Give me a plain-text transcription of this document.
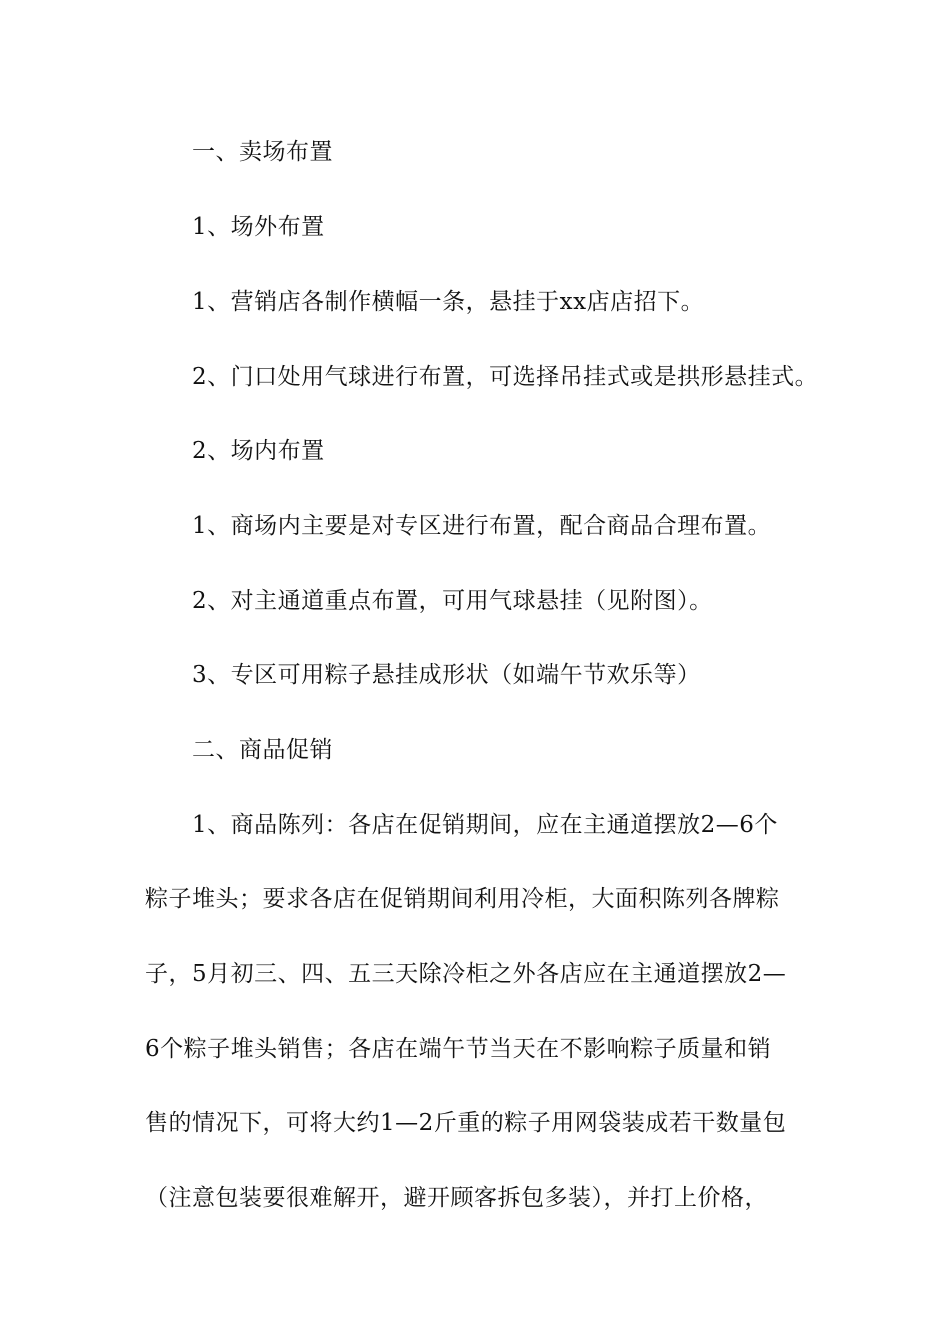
一、卖场布置
1、场外布置
1、营销店各制作横幅一条，悬挂于xx店店招下。
2、门口处用气球进行布置，可选择吊挂式或是拱形悬挂式。
2、场内布置
1、商场内主要是对专区进行布置，配合商品合理布置。
2、对主通道重点布置，可用气球悬挂（见附图）。
3、专区可用粽子悬挂成形状（如端午节欢乐等）
二、商品促销
1、商品陈列：各店在促销期间，应在主通道摆放2—6个
粽子堆头；要求各店在促销期间利用冷柜，大面积陈列各牌粽
子，5月初三、四、五三天除冷柜之外各店应在主通道摆放2—
6个粽子堆头销售；各店在端午节当天在不影响粽子质量和销
售的情况下，可将大约1—2斤重的粽子用网袋装成若干数量包
（注意包装要很难解开，避开顾客拆包多装），并打上价格，
